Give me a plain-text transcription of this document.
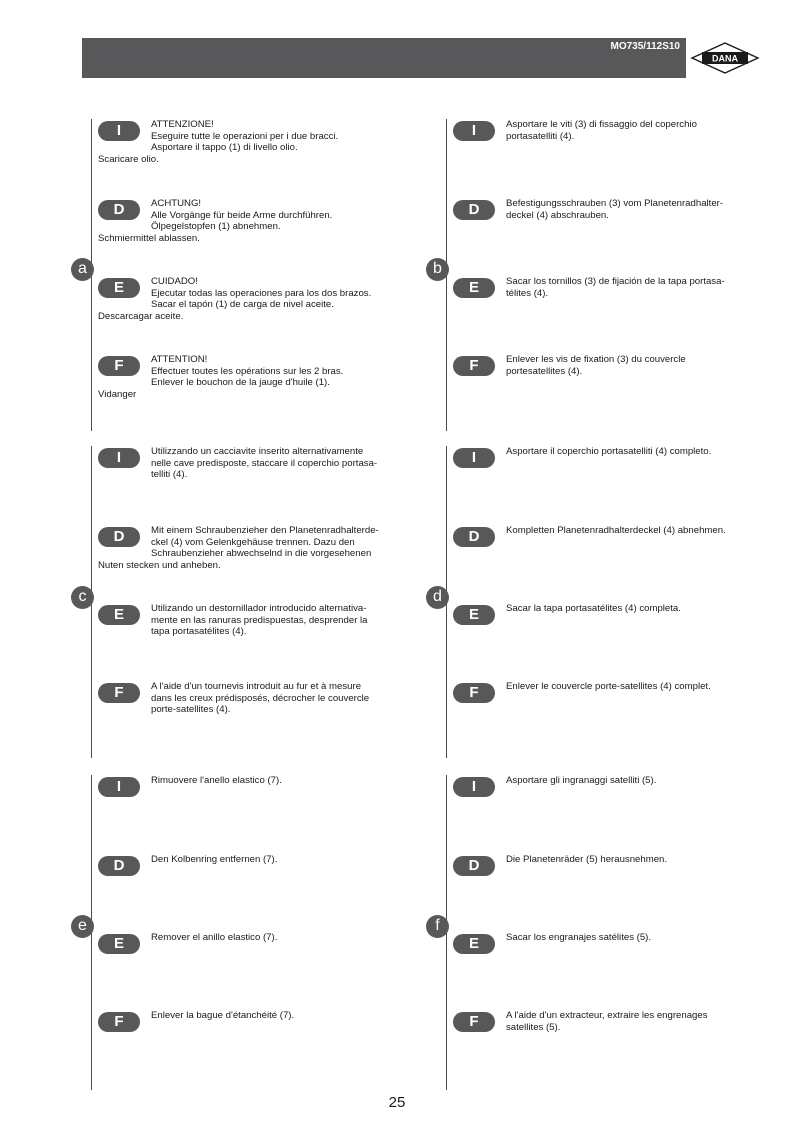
MO735/112S10
DANA
a
I	ATTENZIONE!
Eseguire tutte le operazioni per i due bracci.
Asportare il tappo (1) di livello olio.
Scaricare olio.
D	ACHTUNG!
Alle Vorgänge für beide Arme durchführen.
Ölpegelstopfen (1) abnehmen.
Schmiermittel ablassen.
E	CUIDADO!
Ejecutar todas las operaciones para los dos brazos.
Sacar el tapón (1) de carga de nivel aceite.
Descarcagar aceite.
F	ATTENTION!
Effectuer toutes les opérations sur les 2 bras.
Enlever le bouchon de la jauge d'huile (1).
Vidanger
b
I	Asportare le viti (3) di fissaggio del coperchio
portasatelliti (4).
D	Befestigungsschrauben (3) vom Planetenradhalter-
deckel (4) abschrauben.
E	Sacar los tornillos (3) de fijación de la tapa portasa-
télites (4).
F	Enlever les vis de fixation (3) du couvercle
portesatellites (4).
c
I	Utilizzando un cacciavite inserito alternativamente
nelle cave predisposte, staccare il coperchio portasa-
telliti (4).
D	Mit einem Schraubenzieher den Planetenradhalterde-
ckel (4) vom Gelenkgehäuse trennen. Dazu den
Schraubenzieher abwechselnd in die vorgesehenen
Nuten stecken und anheben.
E	Utilizando un destornillador introducido alternativa-
mente en las ranuras predispuestas, desprender la
tapa portasatélites (4).
F	A l'aide d'un tournevis introduit au fur et à mesure
dans les creux prédisposés, décrocher le couvercle
porte-satellites (4).
d
I	Asportare il coperchio portasatelliti (4) completo.
D	Kompletten Planetenradhalterdeckel (4) abnehmen.
E	Sacar la tapa portasatélites (4) completa.
F	Enlever le couvercle porte-satellites (4) complet.
e
I	Rimuovere l'anello elastico (7).
D	Den Kolbenring entfernen (7).
E	Remover el anillo elastico (7).
F	Enlever la bague d'étanchéité (7).
f
I	Asportare gli ingranaggi satelliti (5).
D	Die Planetenräder (5) herausnehmen.
E	Sacar los engranajes satélites (5).
F	A l'aide d'un extracteur, extraire les engrenages
satellites (5).
25
